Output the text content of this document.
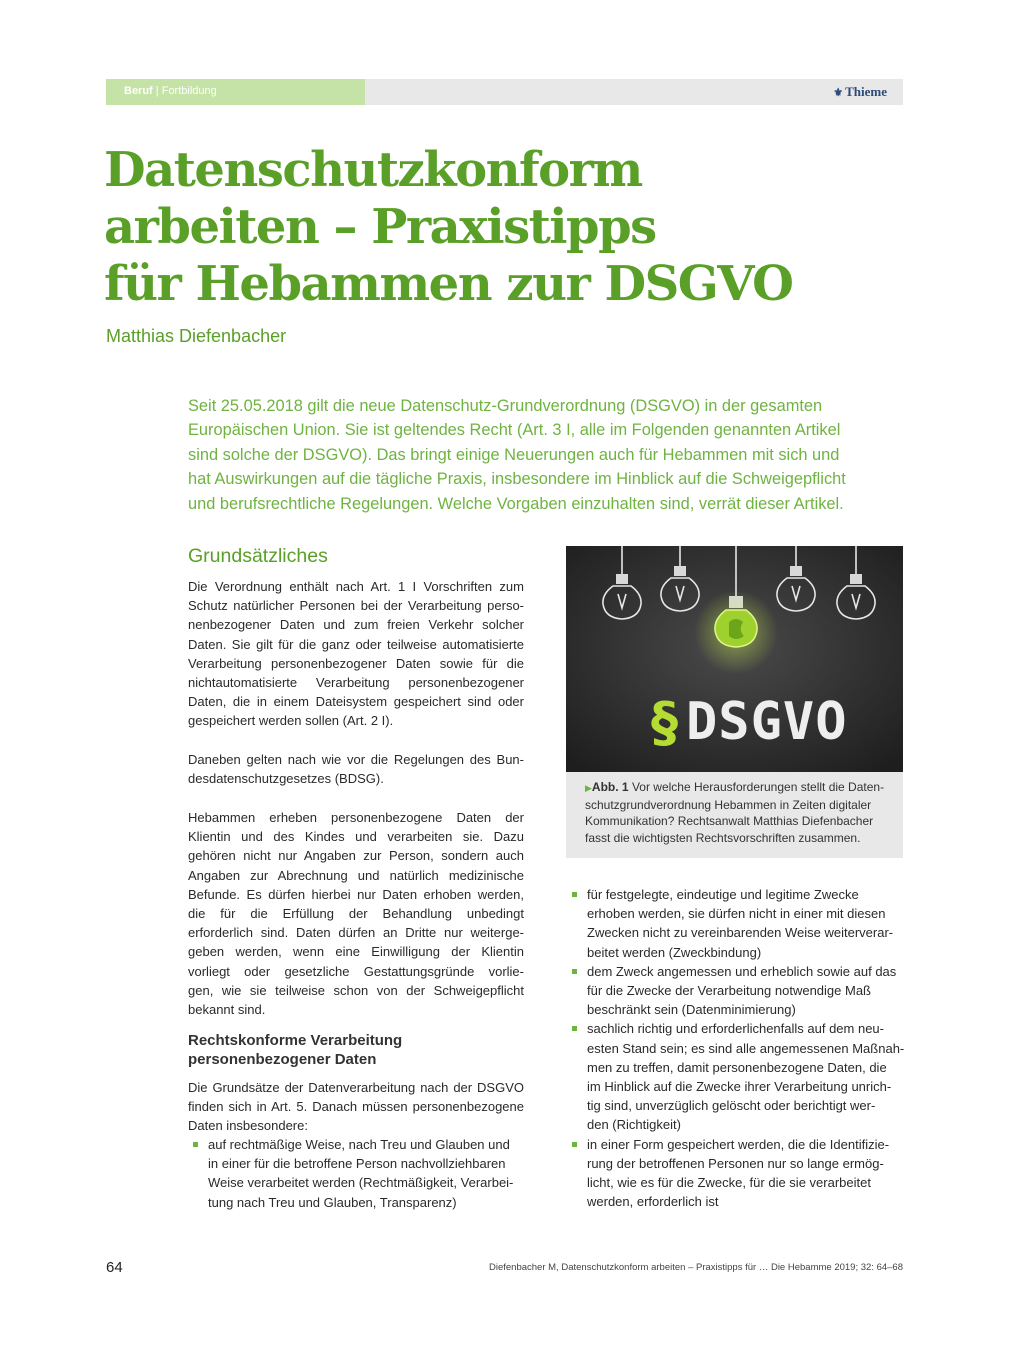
Beruf | Fortbildung	⚜ Thieme
Datenschutzkonform
arbeiten – Praxistipps
für Hebammen zur DSGVO
Matthias Diefenbacher

Seit 25.05.2018 gilt die neue Datenschutz-Grundverordnung (DSGVO) in der gesamten
Europäischen Union. Sie ist geltendes Recht (Art. 3 I, alle im Folgenden genannten Artikel
sind solche der DSGVO). Das bringt einige Neuerungen auch für Hebammen mit sich und
hat Auswirkungen auf die tägliche Praxis, insbesondere im Hinblick auf die Schweigepflicht
und berufsrechtliche Regelungen. Welche Vorgaben einzuhalten sind, verrät dieser Artikel.

Grundsätzliches
Die Verordnung enthält nach Art. 1 I Vorschriften zum
Schutz natürlicher Personen bei der Verarbeitung perso-
nenbezogener Daten und zum freien Verkehr solcher
Daten. Sie gilt für die ganz oder teilweise automatisierte
Verarbeitung personenbezogener Daten sowie für die
nichtautomatisierte Verarbeitung personenbezogener
Daten, die in einem Dateisystem gespeichert sind oder
gespeichert werden sollen (Art. 2 I).
Daneben gelten nach wie vor die Regelungen des Bun-
desdatenschutzgesetzes (BDSG).
Hebammen erheben personenbezogene Daten der
Klientin und des Kindes und verarbeiten sie. Dazu
gehören nicht nur Angaben zur Person, sondern auch
Angaben zur Abrechnung und natürlich medizinische
Befunde. Es dürfen hierbei nur Daten erhoben werden,
die für die Erfüllung der Behandlung unbedingt
erforderlich sind. Daten dürfen an Dritte nur weiterge-
geben werden, wenn eine Einwilligung der Klientin
vorliegt oder gesetzliche Gestattungsgründe vorlie-
gen, wie sie teilweise schon von der Schweigepflicht
bekannt sind.
Rechtskonforme Verarbeitung
personenbezogener Daten
Die Grundsätze der Datenverarbeitung nach der DSGVO
finden sich in Art. 5. Danach müssen personenbezogene
Daten insbesondere:
auf rechtmäßige Weise, nach Treu und Glauben und
in einer für die betroffene Person nachvollziehbaren
Weise verarbeitet werden (Rechtmäßigkeit, Verarbei-
tung nach Treu und Glauben, Transparenz)
§ DSGVO
▶Abb. 1 Vor welche Herausforderungen stellt die Daten-
schutzgrundverordnung Hebammen in Zeiten digitaler
Kommunikation? Rechtsanwalt Matthias Diefenbacher
fasst die wichtigsten Rechtsvorschriften zusammen.
für festgelegte, eindeutige und legitime Zwecke
erhoben werden, sie dürfen nicht in einer mit diesen
Zwecken nicht zu vereinbarenden Weise weiterverar-
beitet werden (Zweckbindung)
dem Zweck angemessen und erheblich sowie auf das
für die Zwecke der Verarbeitung notwendige Maß
beschränkt sein (Datenminimierung)
sachlich richtig und erforderlichenfalls auf dem neu-
esten Stand sein; es sind alle angemessenen Maßnah-
men zu treffen, damit personenbezogene Daten, die
im Hinblick auf die Zwecke ihrer Verarbeitung unrich-
tig sind, unverzüglich gelöscht oder berichtigt wer-
den (Richtigkeit)
in einer Form gespeichert werden, die die Identifizie-
rung der betroffenen Personen nur so lange ermög-
licht, wie es für die Zwecke, für die sie verarbeitet
werden, erforderlich ist
64	Diefenbacher M, Datenschutzkonform arbeiten – Praxistipps für … Die Hebamme 2019; 32: 64–68
